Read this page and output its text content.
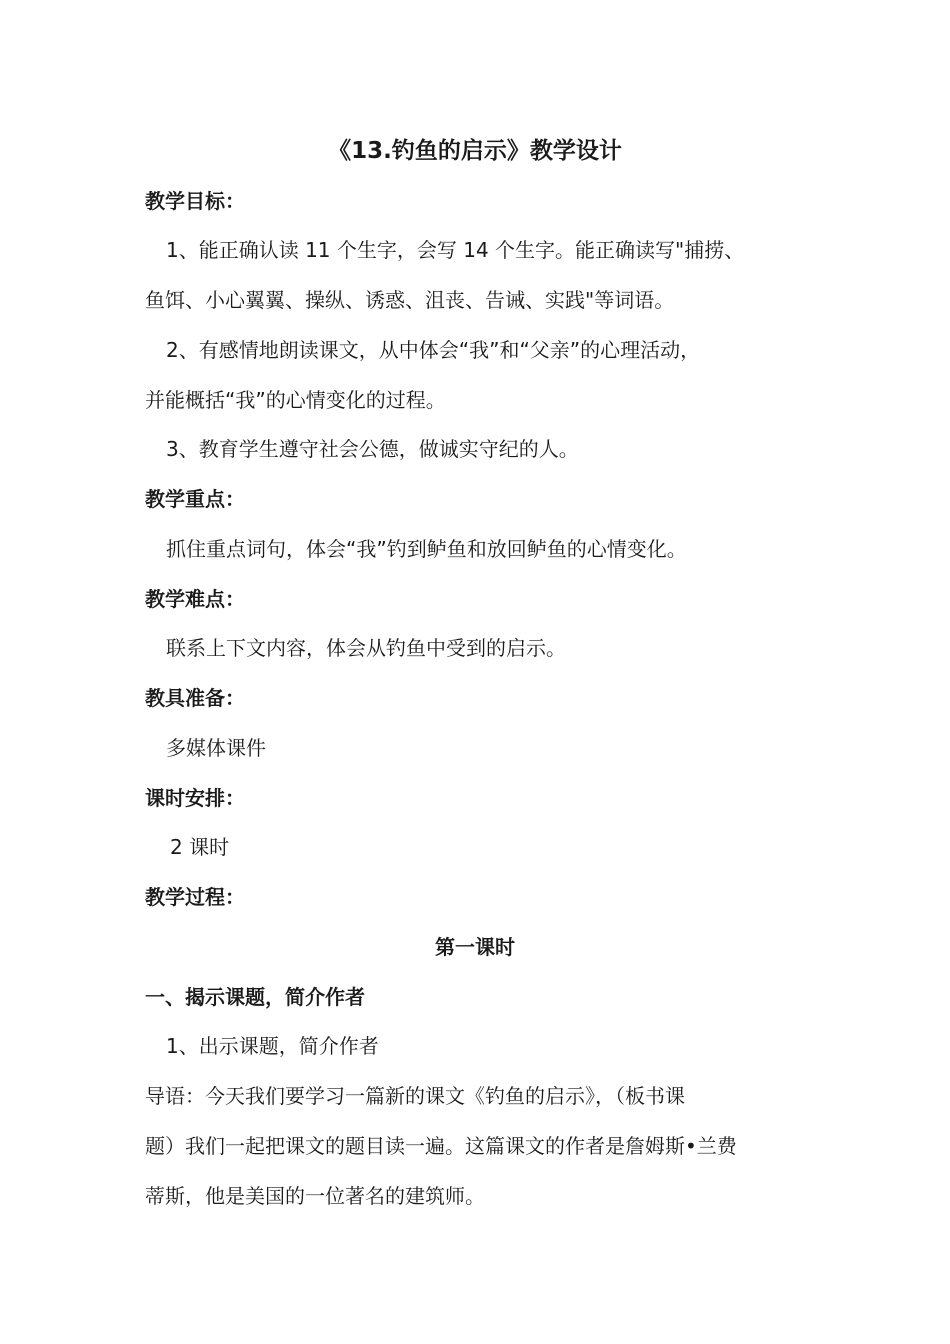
《13.钓鱼的启示》教学设计
教学目标：
1、能正确认读 11 个生字，会写 14 个生字。能正确读写"捕捞、
鱼饵、小心翼翼、操纵、诱惑、沮丧、告诫、实践"等词语。
2、有感情地朗读课文，从中体会“我”和“父亲”的心理活动，
并能概括“我”的心情变化的过程。
3、教育学生遵守社会公德，做诚实守纪的人。
教学重点：
抓住重点词句，体会“我”钓到鲈鱼和放回鲈鱼的心情变化。
教学难点：
联系上下文内容，体会从钓鱼中受到的启示。
教具准备：
多媒体课件
课时安排：
2 课时
教学过程：
第一课时
一、揭示课题，简介作者
1、出示课题，简介作者
导语：今天我们要学习一篇新的课文《钓鱼的启示》，（板书课
题）我们一起把课文的题目读一遍。这篇课文的作者是詹姆斯•兰费
蒂斯，他是美国的一位著名的建筑师。
